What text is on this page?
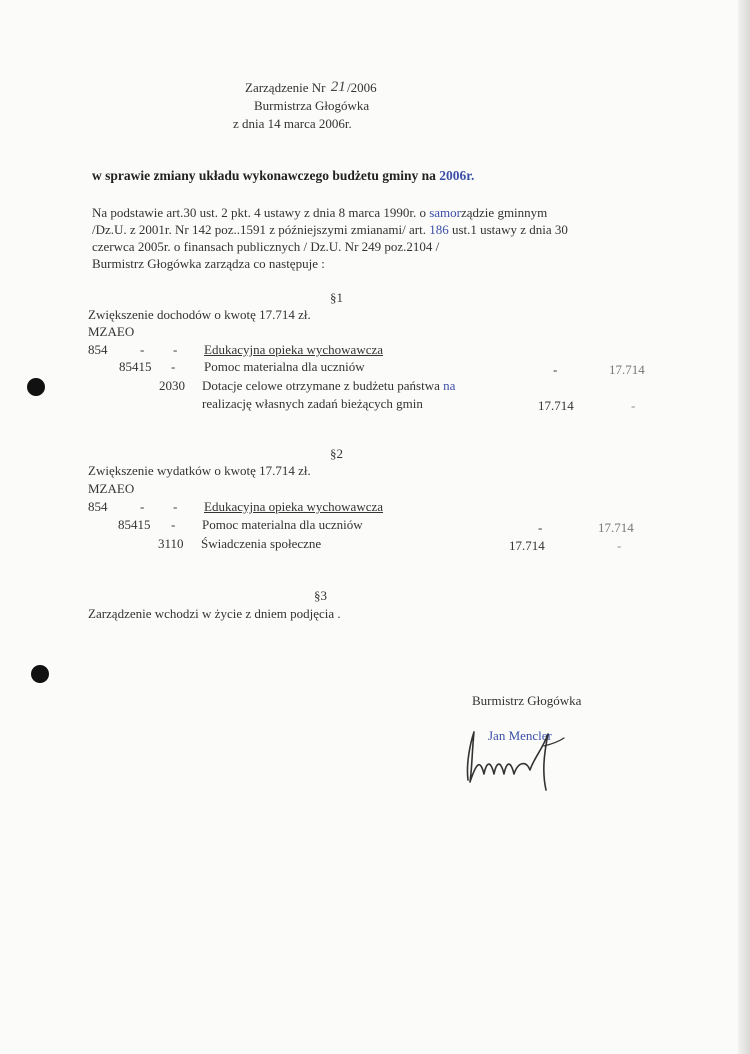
Zarządzenie Nr 21 /2006
Burmistrza Głogówka
z dnia 14 marca 2006r.
w sprawie zmiany układu wykonawczego budżetu gminy na 2006r.
Na podstawie art.30 ust. 2 pkt. 4 ustawy z dnia 8 marca 1990r. o samorządzie gminnym
/Dz.U. z 2001r. Nr 142 poz..1591 z późniejszymi zmianami/ art. 186 ust.1 ustawy z dnia 30
czerwca 2005r. o finansach publicznych / Dz.U. Nr 249 poz.2104 /
Burmistrz Głogówka zarządza co następuje :
§1
Zwiększenie dochodów o kwotę 17.714 zł.
MZAEO
854	- - Edukacyjna opieka wychowawcza
85415 - Pomoc materialna dla uczniów	-	17.714
2030 Dotacje celowe otrzymane z budżetu państwa na
realizację własnych zadań bieżących gmin	17.714	-
§2
Zwiększenie wydatków o kwotę 17.714 zł.
MZAEO
854	- - Edukacyjna opieka wychowawcza
85415 - Pomoc materialna dla uczniów	-	17.714
3110 Świadczenia społeczne	17.714	-
§3
Zarządzenie wchodzi w życie z dniem podjęcia .
Burmistrz Głogówka
Jan Mencler
